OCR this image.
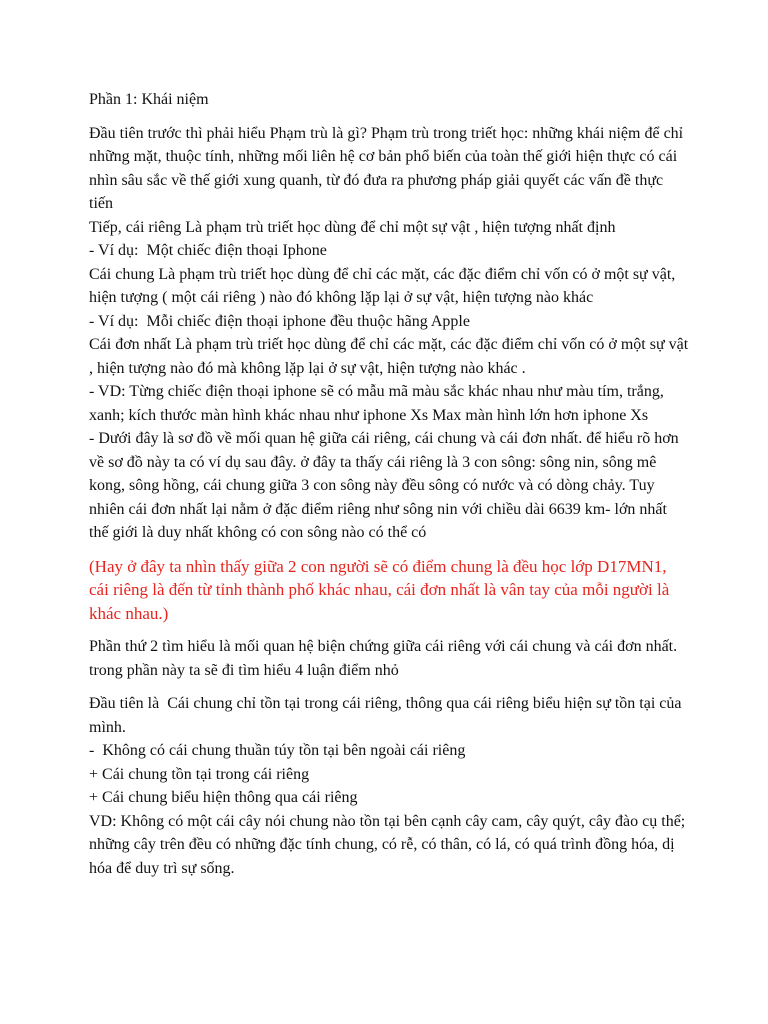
Phần 1: Khái niệm

Đầu tiên trước thì phải hiểu Phạm trù là gì? Phạm trù trong triết học: những khái niệm để chỉ những mặt, thuộc tính, những mối liên hệ cơ bản phổ biến của toàn thế giới hiện thực có cái nhìn sâu sắc về thế giới xung quanh, từ đó đưa ra phương pháp giải quyết các vấn đề thực tiến

Tiếp, cái riêng Là phạm trù triết học dùng để chỉ một sự vật , hiện tượng nhất định

- Ví dụ:  Một chiếc điện thoại Iphone

Cái chung Là phạm trù triết học dùng để chỉ các mặt, các đặc điểm chỉ vốn có ở một sự vật, hiện tượng ( một cái riêng ) nào đó không lặp lại ở sự vật, hiện tượng nào khác

- Ví dụ:  Mỗi chiếc điện thoại iphone đều thuộc hãng Apple

Cái đơn nhất Là phạm trù triết học dùng để chỉ các mặt, các đặc điểm chỉ vốn có ở một sự vật , hiện tượng nào đó mà không lặp lại ở sự vật, hiện tượng nào khác .

- VD: Từng chiếc điện thoại iphone sẽ có mẫu mã màu sắc khác nhau như màu tím, trắng, xanh; kích thước màn hình khác nhau như iphone Xs Max màn hình lớn hơn iphone Xs

- Dưới đây là sơ đồ về mối quan hệ giữa cái riêng, cái chung và cái đơn nhất. để hiểu rõ hơn về sơ đồ này ta có ví dụ sau đây. ở đây ta thấy cái riêng là 3 con sông: sông nin, sông mê kong, sông hồng, cái chung giữa 3 con sông này đều sông có nước và có dòng chảy. Tuy nhiên cái đơn nhất lại nằm ở đặc điểm riêng như sông nin với chiều dài 6639 km- lớn nhất thế giới là duy nhất không có con sông nào có thể có

(Hay ở đây ta nhìn thấy giữa 2 con người sẽ có điểm chung là đều học lớp D17MN1, cái riêng là đến từ tỉnh thành phố khác nhau, cái đơn nhất là vân tay của mỗi người là khác nhau.)

Phần thứ 2 tìm hiểu là mối quan hệ biện chứng giữa cái riêng với cái chung và cái đơn nhất. trong phần này ta sẽ đi tìm hiểu 4 luận điểm nhỏ

Đầu tiên là  Cái chung chỉ tồn tại trong cái riêng, thông qua cái riêng biểu hiện sự tồn tại của mình.

-  Không có cái chung thuần túy tồn tại bên ngoài cái riêng

+ Cái chung tồn tại trong cái riêng

+ Cái chung biểu hiện thông qua cái riêng

VD: Không có một cái cây nói chung nào tồn tại bên cạnh cây cam, cây quýt, cây đào cụ thể; những cây trên đều có những đặc tính chung, có rễ, có thân, có lá, có quá trình đồng hóa, dị hóa để duy trì sự sống.
